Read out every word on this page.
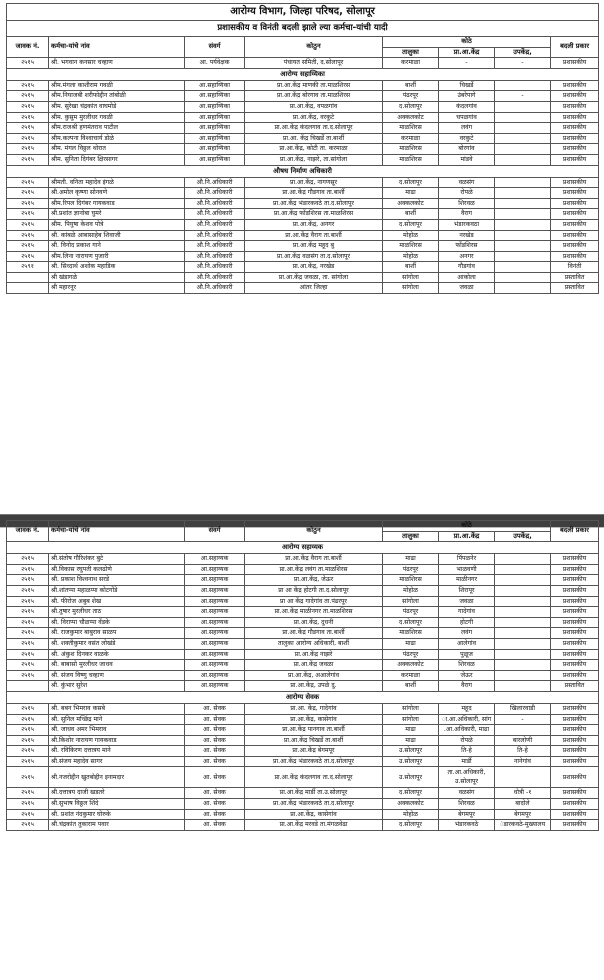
आरोग्य विभाग, जिल्हा परिषद, सोलापूर							
प्रशासकीय व विनंती बदली झाले ल्या कर्मचा-यांची यादी							
जावक नं.	कर्मचा-यांचे नांव	संवर्ग	कोठुन	कोठे			बदली प्रकार
				तालुका	प्रा.आ.केंद्र	उपकेंद्र,	
२५१५	श्री. भगवान कनसार चव्हाण	आ. पर्यवेक्षक	पंचायत समिती, द.सोलापूर	करमाळा	-	-	प्रशासकीय
आरोग्य सहाय्यिका							
२५१५	श्रीम.मंगला काशीराम गवळी	आ.सहाय्यिका	प्रा.आ.केंद्र माणकी ता.माळशिरस	बार्शी	चिखर्डे		प्रशासकीय
२५१५	श्रीम.नियाजबी शरीफोद्दीन तांबोळी	आ.सहाय्यिका	प्रा.आ.केंद्र बोरगाव ता.माळशिरस	पंढरपूर	उंबरेपागे	-	प्रशासकीय
२५१५	श्रीम. सुरेखा चंद्रकांत वाघमोडे	आ.सहाय्यिका	प्रा.आ.केंद्र, वपळगांव	द.सोलापूर	कंदलगांव		प्रशासकीय
२५१५	श्रीम. कुसुम मुरलीधर गवळी	आ.सहाय्यिका	प्रा.आ.केंद्र, वरकुटे	अक्कलकोट	चपळगांव		प्रशासकीय
२५१५	श्रीम.राजश्री हणमंतराव पाटील	आ.सहाय्यिका	प्रा.आ.केंद्र कंदलगाव ता.द.सोलापूर	माळशिरस	लवंग		प्रशासकीय
२५१५	श्रीम.कल्पना विश्वाचार्य डोळे	आ.सहाय्यिका	प्रा.आ. केंद्र चिखर्डे ता.बार्शी	करमाळा	वरकुटे		प्रशासकीय
२५१५	श्रीम. मंगल विठ्ठल थोरात	आ.सहाय्यिका	प्रा.आ.केंद्र, कोटी ता. करमाळा	माळशिरस	बोरगांव		प्रशासकीय
२५१५	श्रीम. सुनिता दिगंबर क्षिरसागर	आ.सहाय्यिका	प्रा.आ.केंद्र, नाझरे, ता.सांगोला	माळशिरस	मांडवे		प्रशासकीय
औषध निर्माण अधिकारी							
२५१५	श्रीमती. वनिता महादेव इंगळे	औ.नि.अधिकारी	प्रा.आ.केंद्र, नागणसूर	द.सोलापूर	वळसंग		प्रशासकीय
२५१५	श्री.अमोल कृष्णा सोनवणे	औ.नि.अधिकारी	प्रा.आ.केंद्र गौडगाव ता.बार्शी	माढा	रोपळे		प्रशासकीय
२५१५	श्रीम.रिपल दिगंबर गायकवाड	औ.नि.अधिकारी	प्रा.आ.केंद्र भंडारकवठे ता.द.सोलापूर	अक्कलकोट	शिरवळ		प्रशासकीय
२५१५	श्री.प्रशांत ज्ञानोबा घुमरे	औ.नि.अधिकारी	प्रा.आ.केंद्र फोंडशिरस ता.माळशिरस	बार्शी	वैराग		प्रशासकीय
२५१५	श्रीम. पियुषा केशव पोत्रे	औ.नि.अधिकारी	प्रा.आ.केंद्र, अनगर	द.सोलापूर	भंडारकवठा		प्रशासकीय
२५१५	श्री. कांबळे आबासाहेब शिवाजी	औ.नि.अधिकारी	प्रा.आ.केंद्र वैराग ता.बार्शी	मोहोळ	नरखेड		प्रशासकीय
२५१५	श्री. विनोद प्रकाश गाने	औ.नि.अधिकारी	प्रा.आ.केंद्र महूद बु	माळशिरस	फोंडशिरस		प्रशासकीय
२५१५	श्रीम.लिना नारायण पुजारी	औ.नि.अधिकारी	प्रा.आ.केंद्र वळसंग ता.द.सोलापूर	मोहोळ	अनगर		प्रशासकीय
२५९१	श्री. सिध्दार्थ अशोक महाडिक	औ.नि.अधिकारी	प्रा.आ.केंद्र, नरखेड	बार्शी	गौडगांव		विनंती
	श्री खंडागळे	औ.नि.अधिकारी	प्रा.आ.केंद्र जवळा, ता. सांगोला	सांगोला	आकोला		प्रस्तावित
	श्री महारनूर	औ.नि.अधिकारी	आंतर जिल्हा	सांगोला	जवळा		प्रस्तावित
जावक नं.	कर्मचा-यांचे नांव	संवर्ग	कोठुन	कोठे			बदली प्रकार
				तालुका	प्रा.आ.केंद्र	उपकेंद्र,	
आरोग्य सहाय्यक							
२५१५	श्री.संतोष गौरिशंकर बुटे	आ.सहाय्यक	प्रा.आ.केंद्र वैराग ता.बार्शी	माढा	पिंपळनेर		प्रशासकीय
२५१५	श्री.विकास रघुपती कलढोणे	आ.सहाय्यक	प्रा.आ.केंद्र लवंग ता.माळशिरस	पंढरपूर	भाळवणी		प्रशासकीय
२५१५	श्री. प्रकाश विश्वनाथ सरडे	आ.सहाय्यक	प्रा.आ.केंद्र, जेऊर	माळशिरस	माळीनगर		प्रशासकीय
२५१५	श्री.शांतप्पा महाळप्पा कोटगोंडे	आ.सहाय्यक	प्रा आ केंद्र होटगी ता.द.सोलापूर	मोहोळ	शिरापूर		प्रशासकीय
२५१५	श्री. फीरोज अबुब शेख	आ.सहाय्यक	प्रा आ केंद्र गादेगांव ता.पंढरपूर	सांगोला	जवळा		प्रशासकीय
२५१५	श्री.तुषार मुरलीधर ताठ	आ.सहाय्यक	प्रा.आ.केंद्र माळीनगर ता.माळशिरस	पंढरपूर	गादेगांव		प्रशासकीय
२५१५	श्री. विराप्पा चौळप्पा वेंडके	आ.सहाय्यक	प्रा.आ.केंद्र, दुधनी	द.सोलापूर	होटगी		प्रशासकीय
२५१५	श्री. राजकुमार बाबुराव साळप	आ.सहाय्यक	प्रा.आ.केंद्र गौडगाव ता.बार्शी	माळशिरस	लवंग		प्रशासकीय
२५१५	श्री. शक्तीकुमार वसंत लोखंडे	आ.सहाय्यक	तालुका आरोग्य अधिकारी, बार्शी	माढा	आलेगांव		प्रशासकीय
२५१५	श्री. अंकुश दिनकर वाळके	आ.सहाय्यक	प्रा.आ.केंद्र नाझरे	पंढरपूर	पुळूज		प्रशासकीय
२५१५	श्री. बाबासो मुरलीधर जाधव	आ.सहाय्यक	प्रा.आ.केंद्र जवळा	अक्कलकोट	शिरवळ		प्रशासकीय
२५१५	श्री. संजय विष्णु चव्हाण	आ.सहाय्यक	प्रा.आ.केंद्र, अआलेगांव	करमाळा	जेऊर		प्रशासकीय
	श्री. कुंभार सुरेश	आ.सहाय्यक	प्रा.आ.केंद्र, उपळे दु.	बार्शी	वैराग		प्रस्तावित
आरोग्य सेवक							
२५१५	श्री. बबन भिमराव कसबे	आ. सेवक	प्रा.आ. केंद्र, गादेगांव	सांगोला	महूद	खिलारवाडी	प्रशासकीय
२५१५	श्री. सुनिल मच्छिंद्र माने	आ. सेवक	प्रा.आ.केंद्र, कासेगांव	सांगोला	ा.आ.अधिकारी, सांग	-	प्रशासकीय
२५१५	श्री. जाधव अमर भिमराव	आ. सेवक	प्रा.आ.केंद्र पानगाव ता.बार्शी	माढा	.आ.अधिकारी, माढा		प्रशासकीय
२५१५	श्री.किशोर नारायण गायकवाड	आ. सेवक	प्रा.आ.केंद्र चिखर्डे ता.बार्शी	माढा	रोपळे	बारलोणी	प्रशासकीय
२५१५	श्री. रविकिरण दत्तात्रय माने	आ. सेवक	प्रा.आ.केंद्र बेगमपूर	उ.सोलापूर	ति-हे	ति-हे	प्रशासकीय
२५१५	श्री.संजय महादेव सागर	आ. सेवक	प्रा.आ.केंद्र भंडारकवठे ता.द.सोलापूर	उ.सोलापूर	मार्डी	नानेगांव	प्रशासकीय
२५१५	श्री.नजरोद्दीन खुतबोद्दीन इनामदार	आ. सेवक	प्रा.आ.केंद्र कंदलगाव ता.द.सोलापूर	उ.सोलापूर	ता.आ.अधिकारी, उ.सोलापूर		प्रशासकीय
२५१५	श्री.दत्तात्रय दाजी खडतरे	आ. सेवक	प्रा.आ.केंद्र मार्डी ता.उ.सोलापूर	द.सोलापूर	वळसंग	धोत्री -१	प्रशासकीय
२५१५	श्री.सुभाष विठ्ठल शिंदे	आ. सेवक	प्रा.आ.केंद्र भंडारकवठे ता.द.सोलापूर	अक्कलकोट	शिरवळ	बादोले	प्रशासकीय
२५१५	श्री. प्रशांत नंदकुमार घोरुके	आ. सेवक	प्रा.आ.केंद्र, कासेगांव	मोहोळ	बेगमपूर	बेगमपूर	प्रशासकीय
२५१५	श्री.चंद्रकांत तुकाराम पवार	आ. सेवक	प्रा.आ.केंद्र मरवडे ता.मंगळवेढा	द.सोलापूर	भंडारकवठे	ंडारकवठे-मुख्यालय	प्रशासकीय
